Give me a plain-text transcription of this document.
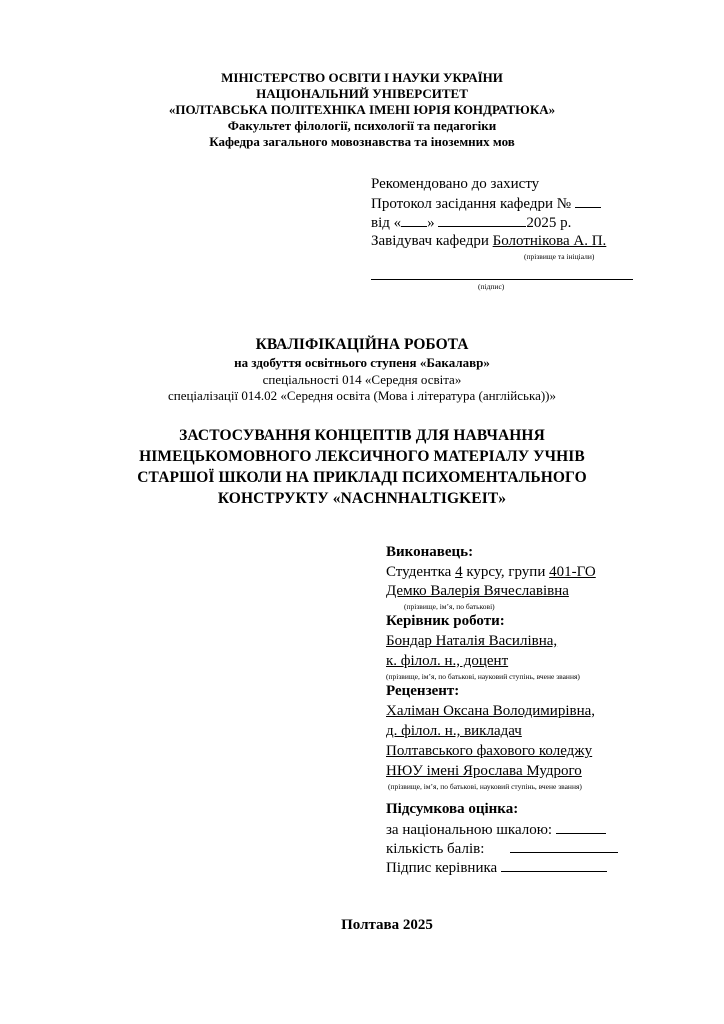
МІНІСТЕРСТВО ОСВІТИ І НАУКИ УКРАЇНИ
НАЦІОНАЛЬНИЙ УНІВЕРСИТЕТ
«ПОЛТАВСЬКА ПОЛІТЕХНІКА ІМЕНІ ЮРІЯ КОНДРАТЮКА»
Факультет філології, психології та педагогіки
Кафедра загального мовознавства та іноземних мов
Рекомендовано до захисту
Протокол засідання кафедри №
від « »	2025 р.
Завідувач кафедри Болотнікова А. П.
(прізвище та ініціали)
(підпис)
КВАЛІФІКАЦІЙНА РОБОТА
на здобуття освітнього ступеня «Бакалавр»
спеціальності 014 «Середня освіта»
спеціалізації 014.02 «Середня освіта (Мова і література (англійська))»
ЗАСТОСУВАННЯ КОНЦЕПТІВ ДЛЯ НАВЧАННЯ
НІМЕЦЬКОМОВНОГО ЛЕКСИЧНОГО МАТЕРІАЛУ УЧНІВ
СТАРШОЇ ШКОЛИ НА ПРИКЛАДІ ПСИХОМЕНТАЛЬНОГО
КОНСТРУКТУ «NACHNHALTIGKEIT»
Виконавець:
Студентка 4 курсу, групи 401-ГО
Демко Валерія Вячеславівна
(прізвище, ім’я, по батькові)
Керівник роботи:
Бондар Наталія Василівна,
к. філол. н., доцент
(прізвище, ім’я, по батькові, науковий ступінь, вчене звання)
Рецензент:
Халіман Оксана Володимирівна,
д. філол. н., викладач
Полтавського фахового коледжу
НЮУ імені Ярослава Мудрого
(прізвище, ім’я, по батькові, науковий ступінь, вчене звання)
Підсумкова оцінка:
за національною шкалою:
кількість балів:
Підпис керівника
Полтава 2025
